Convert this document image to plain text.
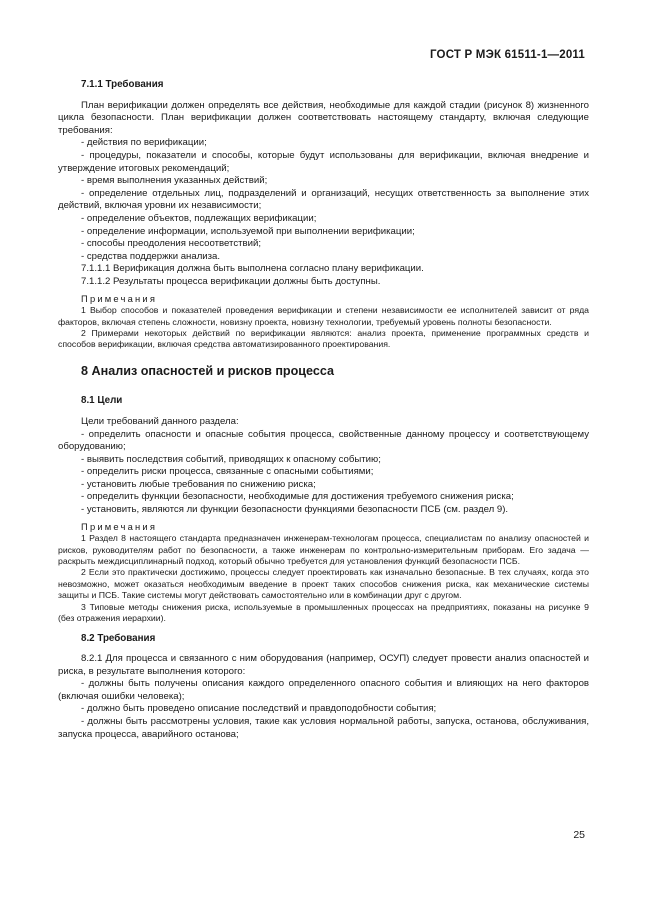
ГОСТ Р МЭК 61511-1—2011

7.1.1 Требования

План верификации должен определять все действия, необходимые для каждой стадии (рисунок 8) жизненного цикла безопасности. План верификации должен соответствовать настоящему стандарту, включая следующие требования:

- действия по верификации;

- процедуры, показатели и способы, которые будут использованы для верификации, включая внедрение и утверждение итоговых рекомендаций;

- время выполнения указанных действий;

- определение отдельных лиц, подразделений и организаций, несущих ответственность за выполнение этих действий, включая уровни их независимости;

- определение объектов, подлежащих верификации;

- определение информации, используемой при выполнении верификации;

- способы преодоления несоответствий;

- средства поддержки анализа.

7.1.1.1 Верификация должна быть выполнена согласно плану верификации.

7.1.1.2 Результаты процесса верификации должны быть доступны.

Примечания

1 Выбор способов и показателей проведения верификации и степени независимости ее исполнителей зависит от ряда факторов, включая степень сложности, новизну проекта, новизну технологии, требуемый уровень полноты безопасности.

2 Примерами некоторых действий по верификации являются: анализ проекта, применение программных средств и способов верификации, включая средства автоматизированного проектирования.

8 Анализ опасностей и рисков процесса

8.1 Цели

Цели требований данного раздела:

- определить опасности и опасные события процесса, свойственные данному процессу и соответствующему оборудованию;

- выявить последствия событий, приводящих к опасному событию;

- определить риски процесса, связанные с опасными событиями;

- установить любые требования по снижению риска;

- определить функции безопасности, необходимые для достижения требуемого снижения риска;

- установить, являются ли функции безопасности функциями безопасности ПСБ (см. раздел 9).

Примечания

1 Раздел 8 настоящего стандарта предназначен инженерам-технологам процесса, специалистам по анализу опасностей и рисков, руководителям работ по безопасности, а также инженерам по контрольно-измерительным приборам. Его задача — раскрыть междисциплинарный подход, который обычно требуется для установления функций безопасности ПСБ.

2 Если это практически достижимо, процессы следует проектировать как изначально безопасные. В тех случаях, когда это невозможно, может оказаться необходимым введение в проект таких способов снижения риска, как механические системы защиты и ПСБ. Такие системы могут действовать самостоятельно или в комбинации друг с другом.

3 Типовые методы снижения риска, используемые в промышленных процессах на предприятиях, показаны на рисунке 9 (без отражения иерархии).

8.2 Требования

8.2.1 Для процесса и связанного с ним оборудования (например, ОСУП) следует провести анализ опасностей и риска, в результате выполнения которого:

- должны быть получены описания каждого определенного опасного события и влияющих на него факторов (включая ошибки человека);

- должно быть проведено описание последствий и правдоподобности события;

- должны быть рассмотрены условия, такие как условия нормальной работы, запуска, останова, обслуживания, запуска процесса, аварийного останова;

25
